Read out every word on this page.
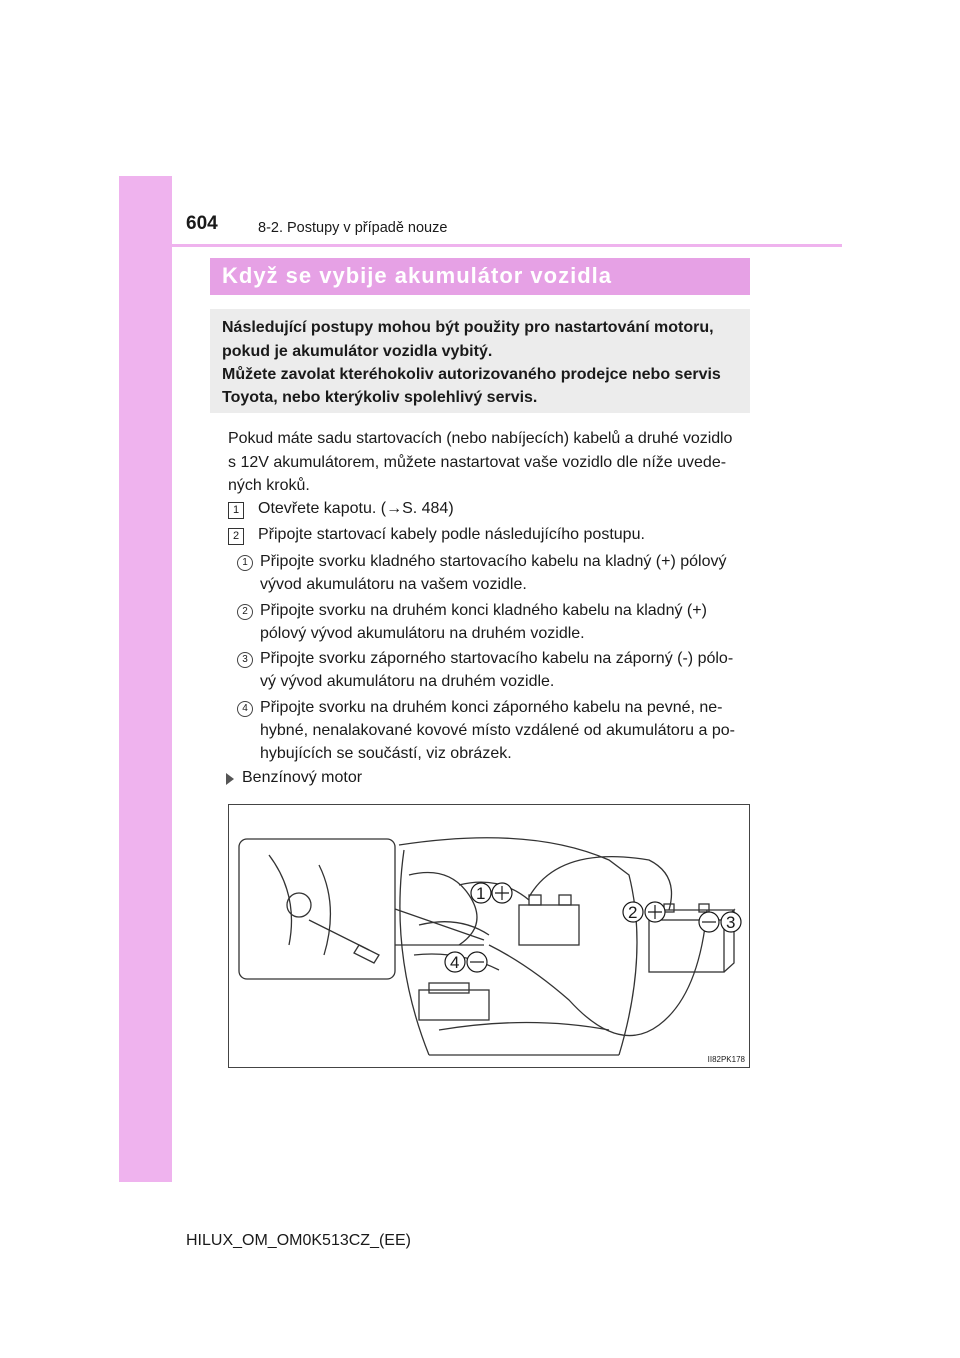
604	8-2. Postupy v případě nouze
Když se vybije akumulátor vozidla
Následující postupy mohou být použity pro nastartování motoru,
pokud je akumulátor vozidla vybitý.
Můžete zavolat kteréhokoliv autorizovaného prodejce nebo servis
Toyota, nebo kterýkoliv spolehlivý servis.
Pokud máte sadu startovacích (nebo nabíjecích) kabelů a druhé vozidlo
s 12V akumulátorem, můžete nastartovat vaše vozidlo dle níže uvede-
ných kroků.
1	Otevřete kapotu. (→S. 484)
2	Připojte startovací kabely podle následujícího postupu.
1 Připojte svorku kladného startovacího kabelu na kladný (+) pólový
vývod akumulátoru na vašem vozidle.
2 Připojte svorku na druhém konci kladného kabelu na kladný (+)
pólový vývod akumulátoru na druhém vozidle.
3 Připojte svorku záporného startovacího kabelu na záporný (-) pólo-
vý vývod akumulátoru na druhém vozidle.
4 Připojte svorku na druhém konci záporného kabelu na pevné, ne-
hybné, nenalakované kovové místo vzdálené od akumulátoru a po-
hybujících se součástí, viz obrázek.
Benzínový motor
1
2
3
4
II82PK178
HILUX_OM_OM0K513CZ_(EE)
